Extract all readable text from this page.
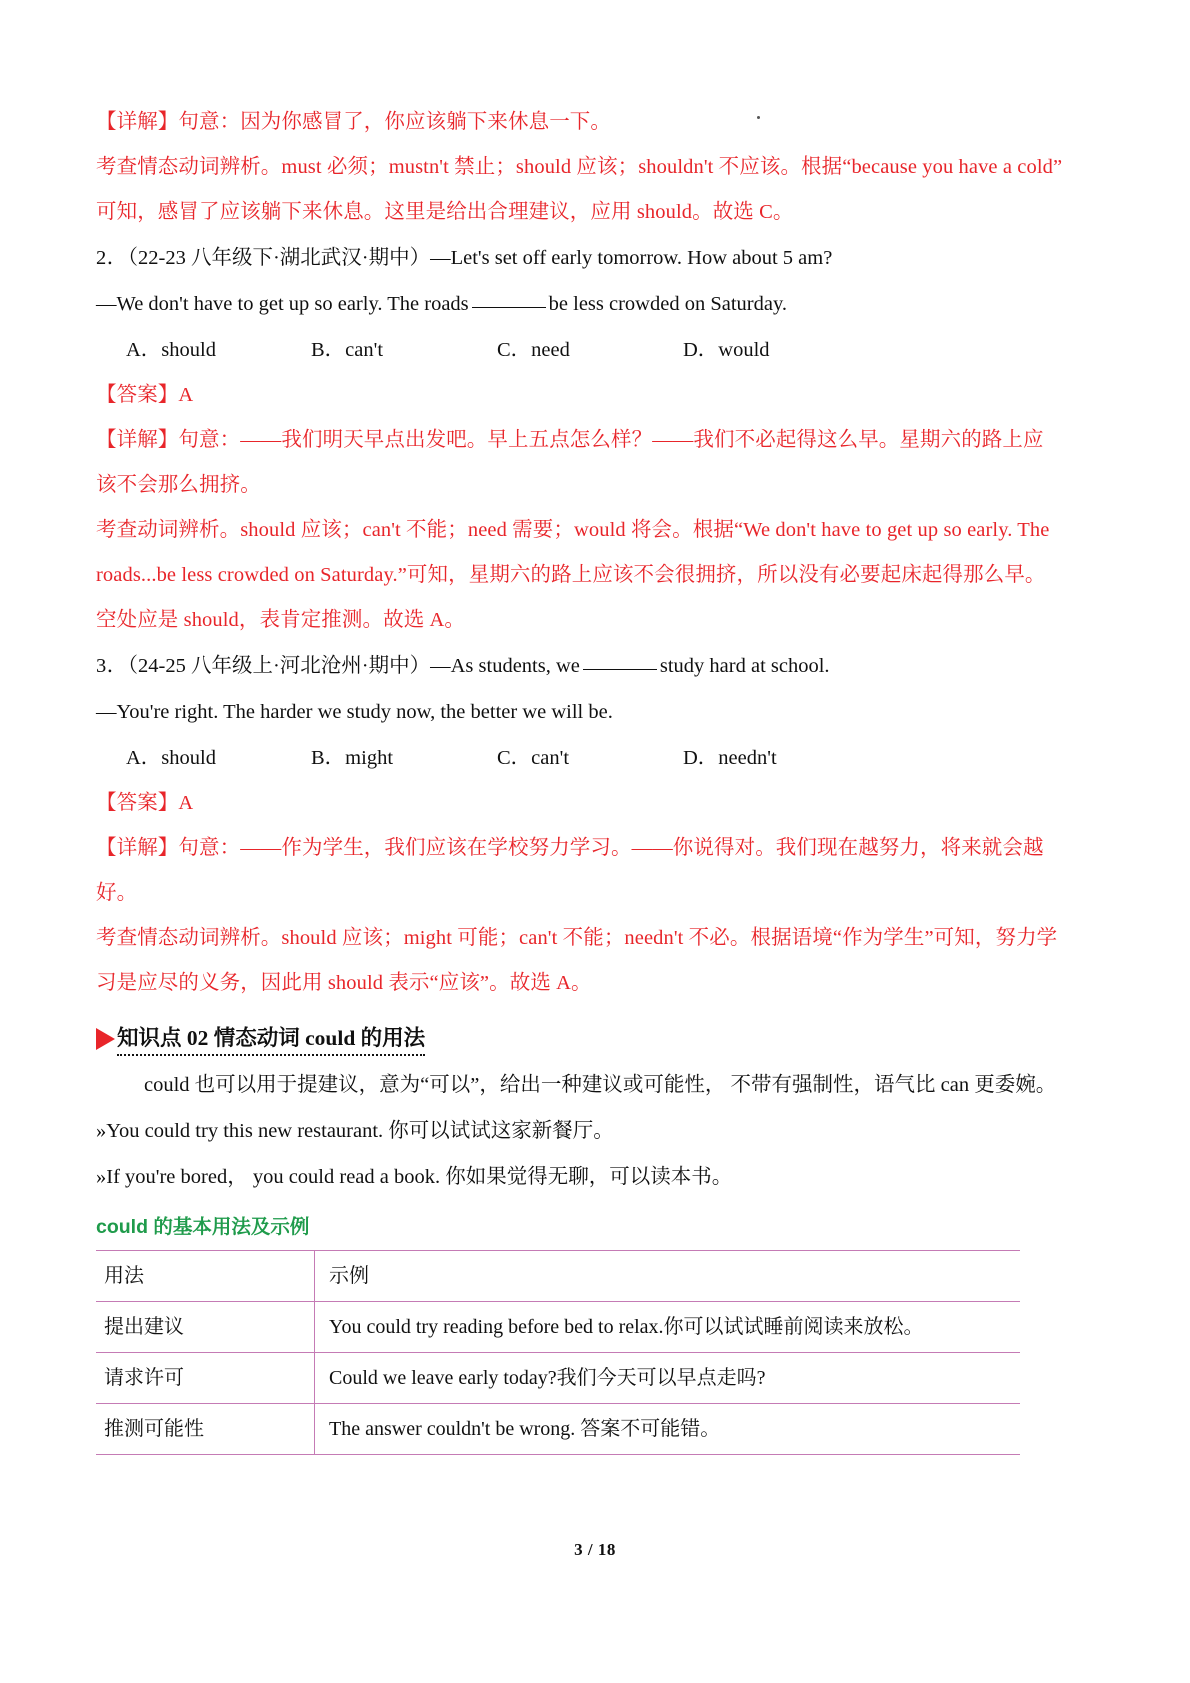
【详解】句意：因为你感冒了，你应该躺下来休息一下。
考查情态动词辨析。must 必须；mustn't 禁止；should 应该；shouldn't 不应该。根据“because you have a cold”
可知，感冒了应该躺下来休息。这里是给出合理建议，应用 should。故选 C。
2．（22-23 八年级下·湖北武汉·期中）—Let's set off early tomorrow. How about 5 am?
—We don't have to get up so early. The roads	be less crowded on Saturday.
A．should	B．can't	C．need	D．would
【答案】A
【详解】句意：——我们明天早点出发吧。早上五点怎么样？——我们不必起得这么早。星期六的路上应
该不会那么拥挤。
考查动词辨析。should 应该；can't 不能；need 需要；would 将会。根据“We don't have to get up so early. The
roads...be less crowded on Saturday.”可知，星期六的路上应该不会很拥挤，所以没有必要起床起得那么早。
空处应是 should，表肯定推测。故选 A。
3．（24-25 八年级上·河北沧州·期中）—As students, we	study hard at school.
—You're right. The harder we study now, the better we will be.
A．should	B．might	C．can't	D．needn't
【答案】A
【详解】句意：——作为学生，我们应该在学校努力学习。——你说得对。我们现在越努力，将来就会越
好。
考查情态动词辨析。should 应该；might 可能；can't 不能；needn't 不必。根据语境“作为学生”可知，努力学
习是应尽的义务，因此用 should 表示“应该”。故选 A。
知识点 02 情态动词 could 的用法
could 也可以用于提建议，意为“可以”，给出一种建议或可能性， 不带有强制性，语气比 can 更委婉。
»You could try this new restaurant. 你可以试试这家新餐厅。
»If you're bored， you could read a book. 你如果觉得无聊，可以读本书。
could 的基本用法及示例
用法	示例
提出建议	You could try reading before bed to relax.你可以试试睡前阅读来放松。
请求许可	Could we leave early today?我们今天可以早点走吗?
推测可能性	The answer couldn't be wrong. 答案不可能错。
3 / 18
